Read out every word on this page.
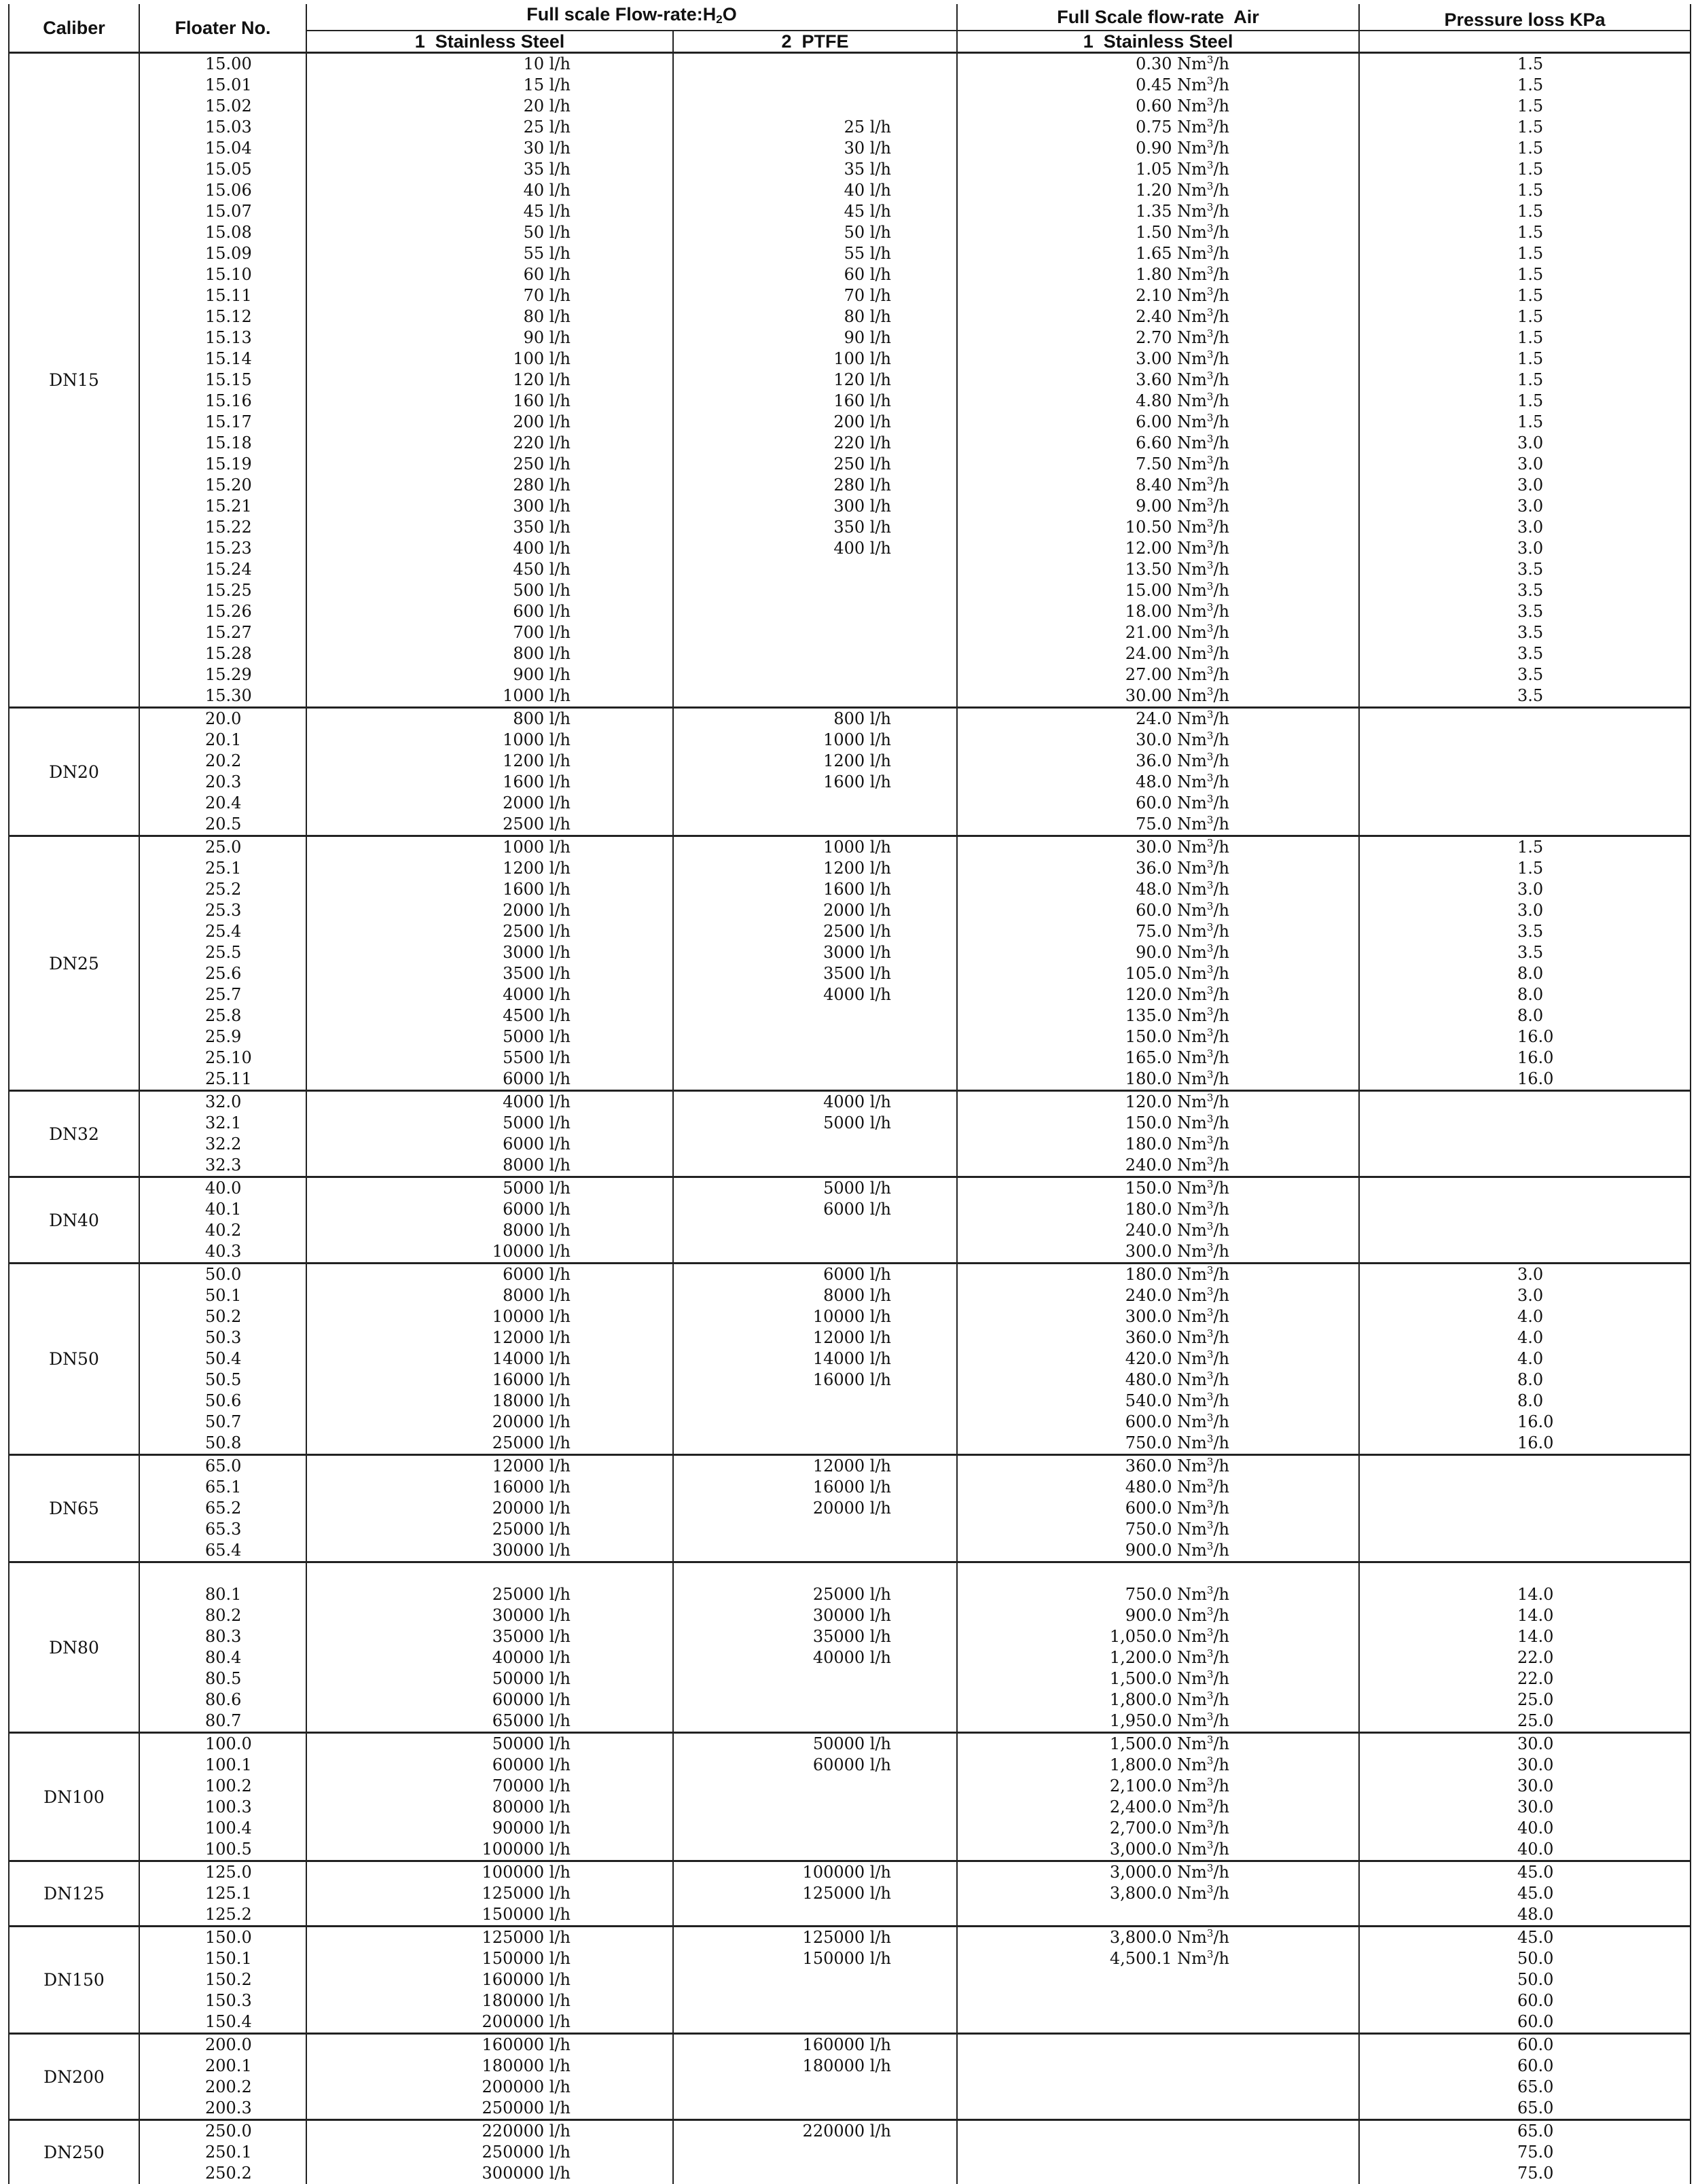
Caliber	Floater No.	Full scale Flow-$rate:H_2O$		Full Scale flow-rate  Air	Pressure loss KPa
		1  Stainless Steel	2  PTFE	1  Stainless Steel	
DN15	15.00	10 l/h		0.30 Nm$^3$/h	1.5
	15.01	15 l/h		0.45 Nm$^3$/h	1.5
	15.02	20 l/h		0.60 Nm$^3$/h	1.5
	15.03	25 l/h	25 l/h	0.75 Nm$^3$/h	1.5
	15.04	30 l/h	30 l/h	0.90 Nm$^3$/h	1.5
	15.05	35 l/h	35 l/h	1.05 Nm$^3$/h	1.5
	15.06	40 l/h	40 l/h	1.20 Nm$^3$/h	1.5
	15.07	45 l/h	45 l/h	1.35 Nm$^3$/h	1.5
	15.08	50 l/h	50 l/h	1.50 Nm$^3$/h	1.5
	15.09	55 l/h	55 l/h	1.65 Nm$^3$/h	1.5
	15.10	60 l/h	60 l/h	1.80 Nm$^3$/h	1.5
	15.11	70 l/h	70 l/h	2.10 Nm$^3$/h	1.5
	15.12	80 l/h	80 l/h	2.40 Nm$^3$/h	1.5
	15.13	90 l/h	90 l/h	2.70 Nm$^3$/h	1.5
	15.14	100 l/h	100 l/h	3.00 Nm$^3$/h	1.5
	15.15	120 l/h	120 l/h	3.60 Nm$^3$/h	1.5
	15.16	160 l/h	160 l/h	4.80 Nm$^3$/h	1.5
	15.17	200 l/h	200 l/h	6.00 Nm$^3$/h	1.5
	15.18	220 l/h	220 l/h	6.60 Nm$^3$/h	3.0
	15.19	250 l/h	250 l/h	7.50 Nm$^3$/h	3.0
	15.20	280 l/h	280 l/h	8.40 Nm$^3$/h	3.0
	15.21	300 l/h	300 l/h	9.00 Nm$^3$/h	3.0
	15.22	350 l/h	350 l/h	10.50 Nm$^3$/h	3.0
	15.23	400 l/h	400 l/h	12.00 Nm$^3$/h	3.0
	15.24	450 l/h		13.50 Nm$^3$/h	3.5
	15.25	500 l/h		15.00 Nm$^3$/h	3.5
	15.26	600 l/h		18.00 Nm$^3$/h	3.5
	15.27	700 l/h		21.00 Nm$^3$/h	3.5
	15.28	800 l/h		24.00 Nm$^3$/h	3.5
	15.29	900 l/h		27.00 Nm$^3$/h	3.5
	15.30	1000 l/h		30.00 Nm$^3$/h	3.5
DN20	20.0	800 l/h	800 l/h	24.0 Nm$^3$/h	
	20.1	1000 l/h	1000 l/h	30.0 Nm$^3$/h	
	20.2	1200 l/h	1200 l/h	36.0 Nm$^3$/h	
	20.3	1600 l/h	1600 l/h	48.0 Nm$^3$/h	
	20.4	2000 l/h		60.0 Nm$^3$/h	
	20.5	2500 l/h		75.0 Nm$^3$/h	
DN25	25.0	1000 l/h	1000 l/h	30.0 Nm$^3$/h	1.5
	25.1	1200 l/h	1200 l/h	36.0 Nm$^3$/h	1.5
	25.2	1600 l/h	1600 l/h	48.0 Nm$^3$/h	3.0
	25.3	2000 l/h	2000 l/h	60.0 Nm$^3$/h	3.0
	25.4	2500 l/h	2500 l/h	75.0 Nm$^3$/h	3.5
	25.5	3000 l/h	3000 l/h	90.0 Nm$^3$/h	3.5
	25.6	3500 l/h	3500 l/h	105.0 Nm$^3$/h	8.0
	25.7	4000 l/h	4000 l/h	120.0 Nm$^3$/h	8.0
	25.8	4500 l/h		135.0 Nm$^3$/h	8.0
	25.9	5000 l/h		150.0 Nm$^3$/h	16.0
	25.10	5500 l/h		165.0 Nm$^3$/h	16.0
	25.11	6000 l/h		180.0 Nm$^3$/h	16.0
DN32	32.0	4000 l/h	4000 l/h	120.0 Nm$^3$/h	
	32.1	5000 l/h	5000 l/h	150.0 Nm$^3$/h	
	32.2	6000 l/h		180.0 Nm$^3$/h	
	32.3	8000 l/h		240.0 Nm$^3$/h	
DN40	40.0	5000 l/h	5000 l/h	150.0 Nm$^3$/h	
	40.1	6000 l/h	6000 l/h	180.0 Nm$^3$/h	
	40.2	8000 l/h		240.0 Nm$^3$/h	
	40.3	10000 l/h		300.0 Nm$^3$/h	
DN50	50.0	6000 l/h	6000 l/h	180.0 Nm$^3$/h	3.0
	50.1	8000 l/h	8000 l/h	240.0 Nm$^3$/h	3.0
	50.2	10000 l/h	10000 l/h	300.0 Nm$^3$/h	4.0
	50.3	12000 l/h	12000 l/h	360.0 Nm$^3$/h	4.0
	50.4	14000 l/h	14000 l/h	420.0 Nm$^3$/h	4.0
	50.5	16000 l/h	16000 l/h	480.0 Nm$^3$/h	8.0
	50.6	18000 l/h		540.0 Nm$^3$/h	8.0
	50.7	20000 l/h		600.0 Nm$^3$/h	16.0
	50.8	25000 l/h		750.0 Nm$^3$/h	16.0
DN65	65.0	12000 l/h	12000 l/h	360.0 Nm$^3$/h	
	65.1	16000 l/h	16000 l/h	480.0 Nm$^3$/h	
	65.2	20000 l/h	20000 l/h	600.0 Nm$^3$/h	
	65.3	25000 l/h		750.0 Nm$^3$/h	
	65.4	30000 l/h		900.0 Nm$^3$/h	
DN80					
	80.1	25000 l/h	25000 l/h	750.0 Nm$^3$/h	14.0
	80.2	30000 l/h	30000 l/h	900.0 Nm$^3$/h	14.0
	80.3	35000 l/h	35000 l/h	1,050.0 Nm$^3$/h	14.0
	80.4	40000 l/h	40000 l/h	1,200.0 Nm$^3$/h	22.0
	80.5	50000 l/h		1,500.0 Nm$^3$/h	22.0
	80.6	60000 l/h		1,800.0 Nm$^3$/h	25.0
	80.7	65000 l/h		1,950.0 Nm$^3$/h	25.0
DN100	100.0	50000 l/h	50000 l/h	1,500.0 Nm$^3$/h	30.0
	100.1	60000 l/h	60000 l/h	1,800.0 Nm$^3$/h	30.0
	100.2	70000 l/h		2,100.0 Nm$^3$/h	30.0
	100.3	80000 l/h		2,400.0 Nm$^3$/h	30.0
	100.4	90000 l/h		2,700.0 Nm$^3$/h	40.0
	100.5	100000 l/h		3,000.0 Nm$^3$/h	40.0
DN125	125.0	100000 l/h	100000 l/h	3,000.0 Nm$^3$/h	45.0
	125.1	125000 l/h	125000 l/h	3,800.0 Nm$^3$/h	45.0
	125.2	150000 l/h			48.0
DN150	150.0	125000 l/h	125000 l/h	3,800.0 Nm$^3$/h	45.0
	150.1	150000 l/h	150000 l/h	4,500.1 Nm$^3$/h	50.0
	150.2	160000 l/h			50.0
	150.3	180000 l/h			60.0
	150.4	200000 l/h			60.0
DN200	200.0	160000 l/h	160000 l/h		60.0
	200.1	180000 l/h	180000 l/h		60.0
	200.2	200000 l/h			65.0
	200.3	250000 l/h			65.0
DN250	250.0	220000 l/h	220000 l/h		65.0
	250.1	250000 l/h			75.0
	250.2	300000 l/h			75.0
